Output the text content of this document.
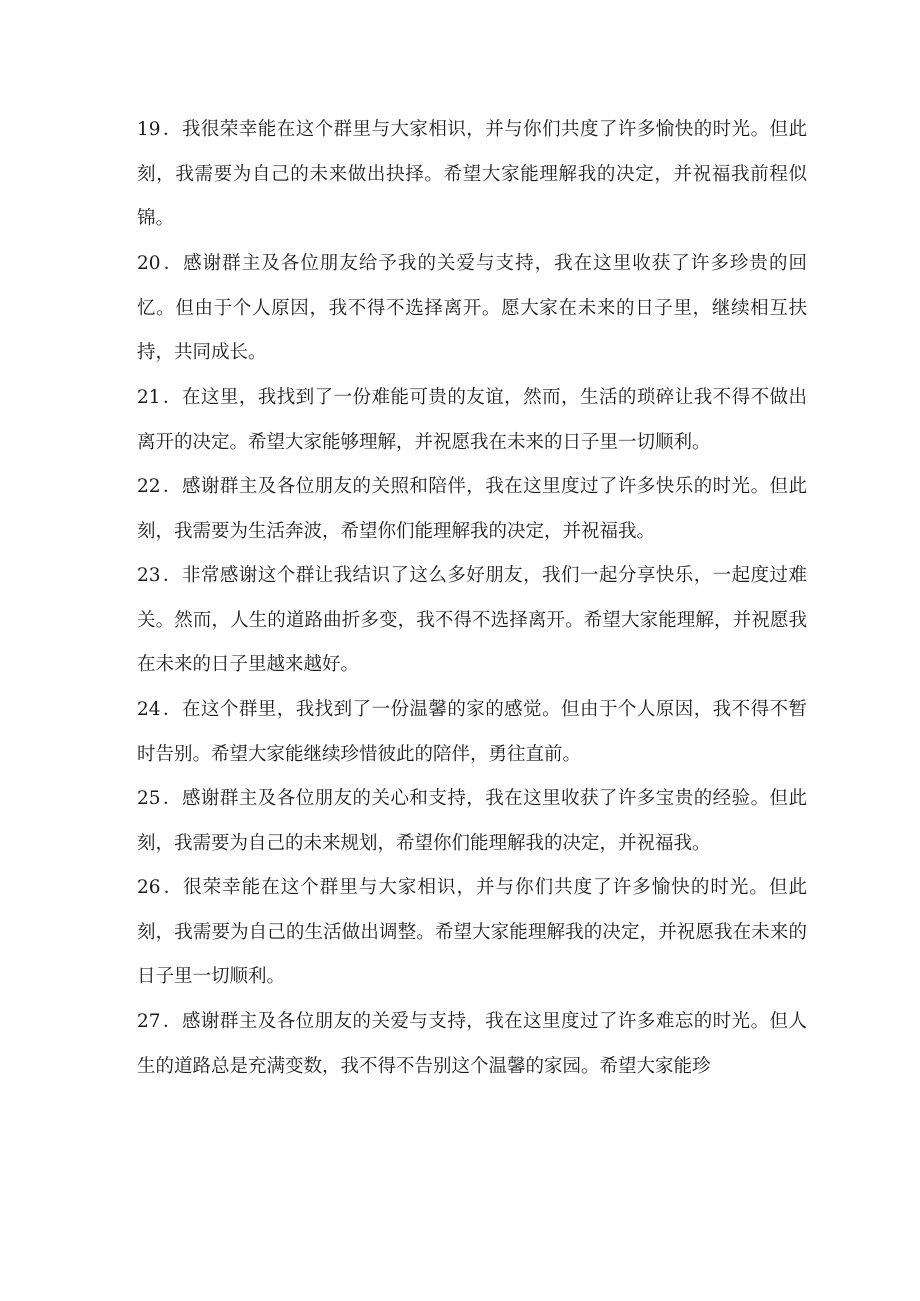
19 ．我很荣幸能在这个群里与大家相识，并与你们共度了许多愉快的时光。但此刻，我需要为自己的未来做出抉择。希望大家能理解我的决定，并祝福我前程似锦。

20 ．感谢群主及各位朋友给予我的关爱与支持，我在这里收获了许多珍贵的回忆。但由于个人原因，我不得不选择离开。愿大家在未来的日子里，继续相互扶持，共同成长。

21 ．在这里，我找到了一份难能可贵的友谊，然而，生活的琐碎让我不得不做出离开的决定。希望大家能够理解，并祝愿我在未来的日子里一切顺利。

22 ．感谢群主及各位朋友的关照和陪伴，我在这里度过了许多快乐的时光。但此刻，我需要为生活奔波，希望你们能理解我的决定，并祝福我。

23 ．非常感谢这个群让我结识了这么多好朋友，我们一起分享快乐，一起度过难关。然而，人生的道路曲折多变，我不得不选择离开。希望大家能理解，并祝愿我在未来的日子里越来越好。

24 ．在这个群里，我找到了一份温馨的家的感觉。但由于个人原因，我不得不暂时告别。希望大家能继续珍惜彼此的陪伴，勇往直前。

25 ．感谢群主及各位朋友的关心和支持，我在这里收获了许多宝贵的经验。但此刻，我需要为自己的未来规划，希望你们能理解我的决定，并祝福我。

26 ．很荣幸能在这个群里与大家相识，并与你们共度了许多愉快的时光。但此刻，我需要为自己的生活做出调整。希望大家能理解我的决定，并祝愿我在未来的日子里一切顺利。

27 ．感谢群主及各位朋友的关爱与支持，我在这里度过了许多难忘的时光。但人生的道路总是充满变数，我不得不告别这个温馨的家园。希望大家能珍
